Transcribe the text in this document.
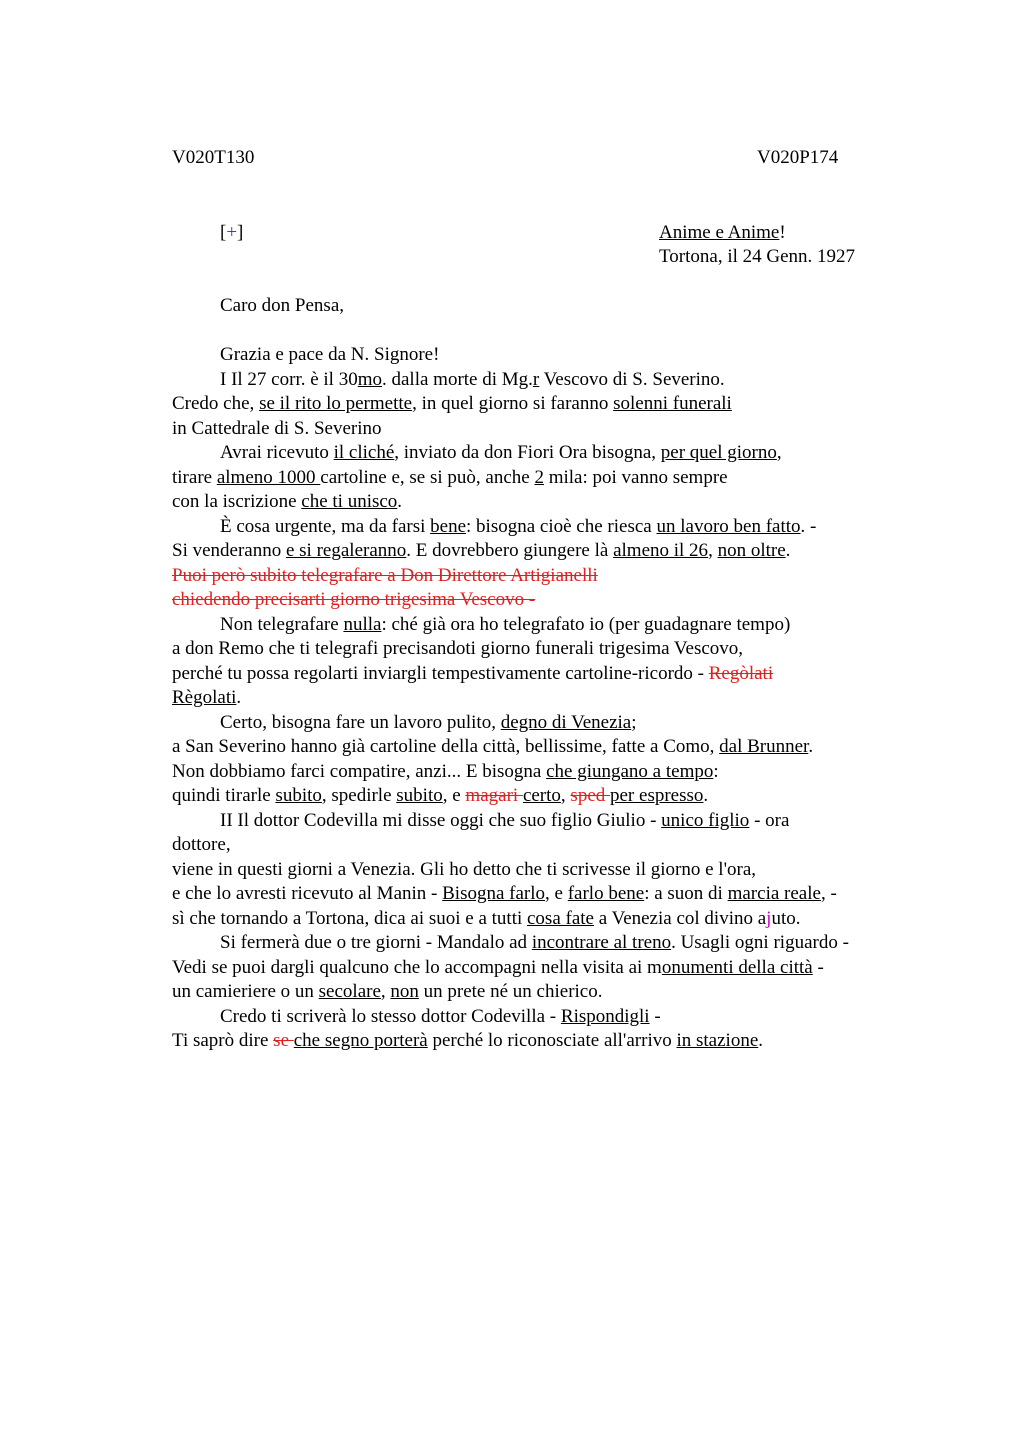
V020T130	V020P174
[+]	Anime e Anime!
Tortona, il 24 Genn. 1927
Caro don Pensa,
Grazia e pace da N. Signore!
I Il 27 corr. è il 30mo. dalla morte di Mg.r Vescovo di S. Severino.
Credo che, se il rito lo permette, in quel giorno si faranno solenni funerali
in Cattedrale di S. Severino
Avrai ricevuto il cliché, inviato da don Fiori Ora bisogna, per quel giorno,
tirare almeno 1000 cartoline e, se si può, anche 2 mila: poi vanno sempre
con la iscrizione che ti unisco.
È cosa urgente, ma da farsi bene: bisogna cioè che riesca un lavoro ben fatto. -
Si venderanno e si regaleranno. E dovrebbero giungere là almeno il 26, non oltre.
Puoi però subito telegrafare a Don Direttore Artigianelli
chiedendo precisarti giorno trigesima Vescovo -
Non telegrafare nulla: ché già ora ho telegrafato io (per guadagnare tempo)
a don Remo che ti telegrafi precisandoti giorno funerali trigesima Vescovo,
perché tu possa regolarti inviargli tempestivamente cartoline-ricordo - Regòlati
Règolati.
Certo, bisogna fare un lavoro pulito, degno di Venezia;
a San Severino hanno già cartoline della città, bellissime, fatte a Como, dal Brunner.
Non dobbiamo farci compatire, anzi... E bisogna che giungano a tempo:
quindi tirarle subito, spedirle subito, e magari certo, sped per espresso.
II Il dottor Codevilla mi disse oggi che suo figlio Giulio - unico figlio - ora
dottore,
viene in questi giorni a Venezia. Gli ho detto che ti scrivesse il giorno e l'ora,
e che lo avresti ricevuto al Manin - Bisogna farlo, e farlo bene: a suon di marcia reale, -
sì che tornando a Tortona, dica ai suoi e a tutti cosa fate a Venezia col divino ajuto.
Si fermerà due o tre giorni - Mandalo ad incontrare al treno. Usagli ogni riguardo -
Vedi se puoi dargli qualcuno che lo accompagni nella visita ai monumenti della città -
un camieriere o un secolare, non un prete né un chierico.
Credo ti scriverà lo stesso dottor Codevilla - Rispondigli -
Ti saprò dire se che segno porterà perché lo riconosciate all'arrivo in stazione.
